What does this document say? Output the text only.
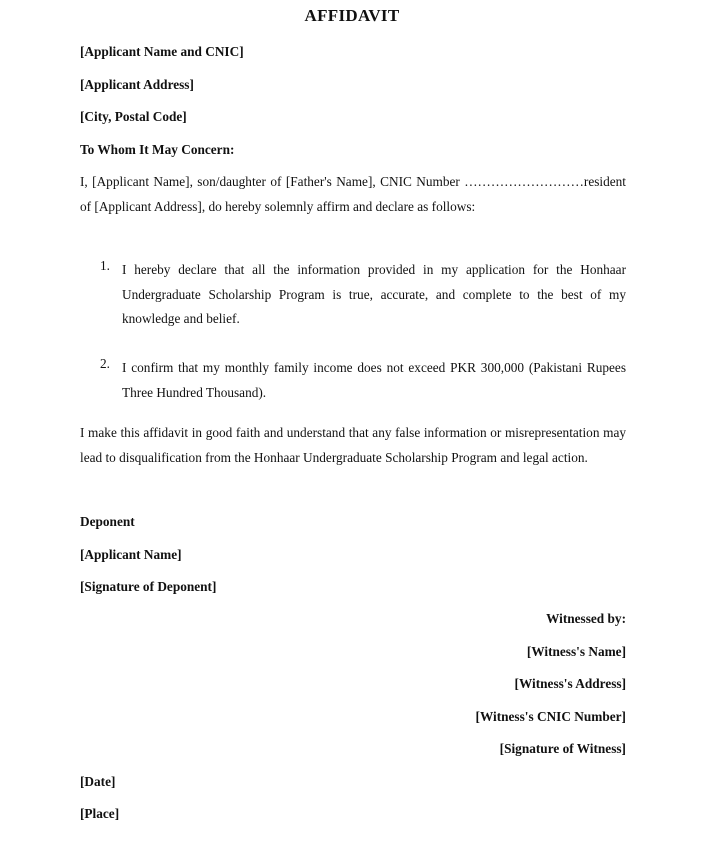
AFFIDAVIT
[Applicant Name and CNIC]
[Applicant Address]
[City, Postal Code]
To Whom It May Concern:
I, [Applicant Name], son/daughter of [Father's Name], CNIC Number ………………………resident of [Applicant Address], do hereby solemnly affirm and declare as follows:
1. I hereby declare that all the information provided in my application for the Honhaar Undergraduate Scholarship Program is true, accurate, and complete to the best of my knowledge and belief.
2. I confirm that my monthly family income does not exceed PKR 300,000 (Pakistani Rupees Three Hundred Thousand).
I make this affidavit in good faith and understand that any false information or misrepresentation may lead to disqualification from the Honhaar Undergraduate Scholarship Program and legal action.
Deponent
[Applicant Name]
[Signature of Deponent]
Witnessed by:
[Witness's Name]
[Witness's Address]
[Witness's CNIC Number]
[Signature of Witness]
[Date]
[Place]
